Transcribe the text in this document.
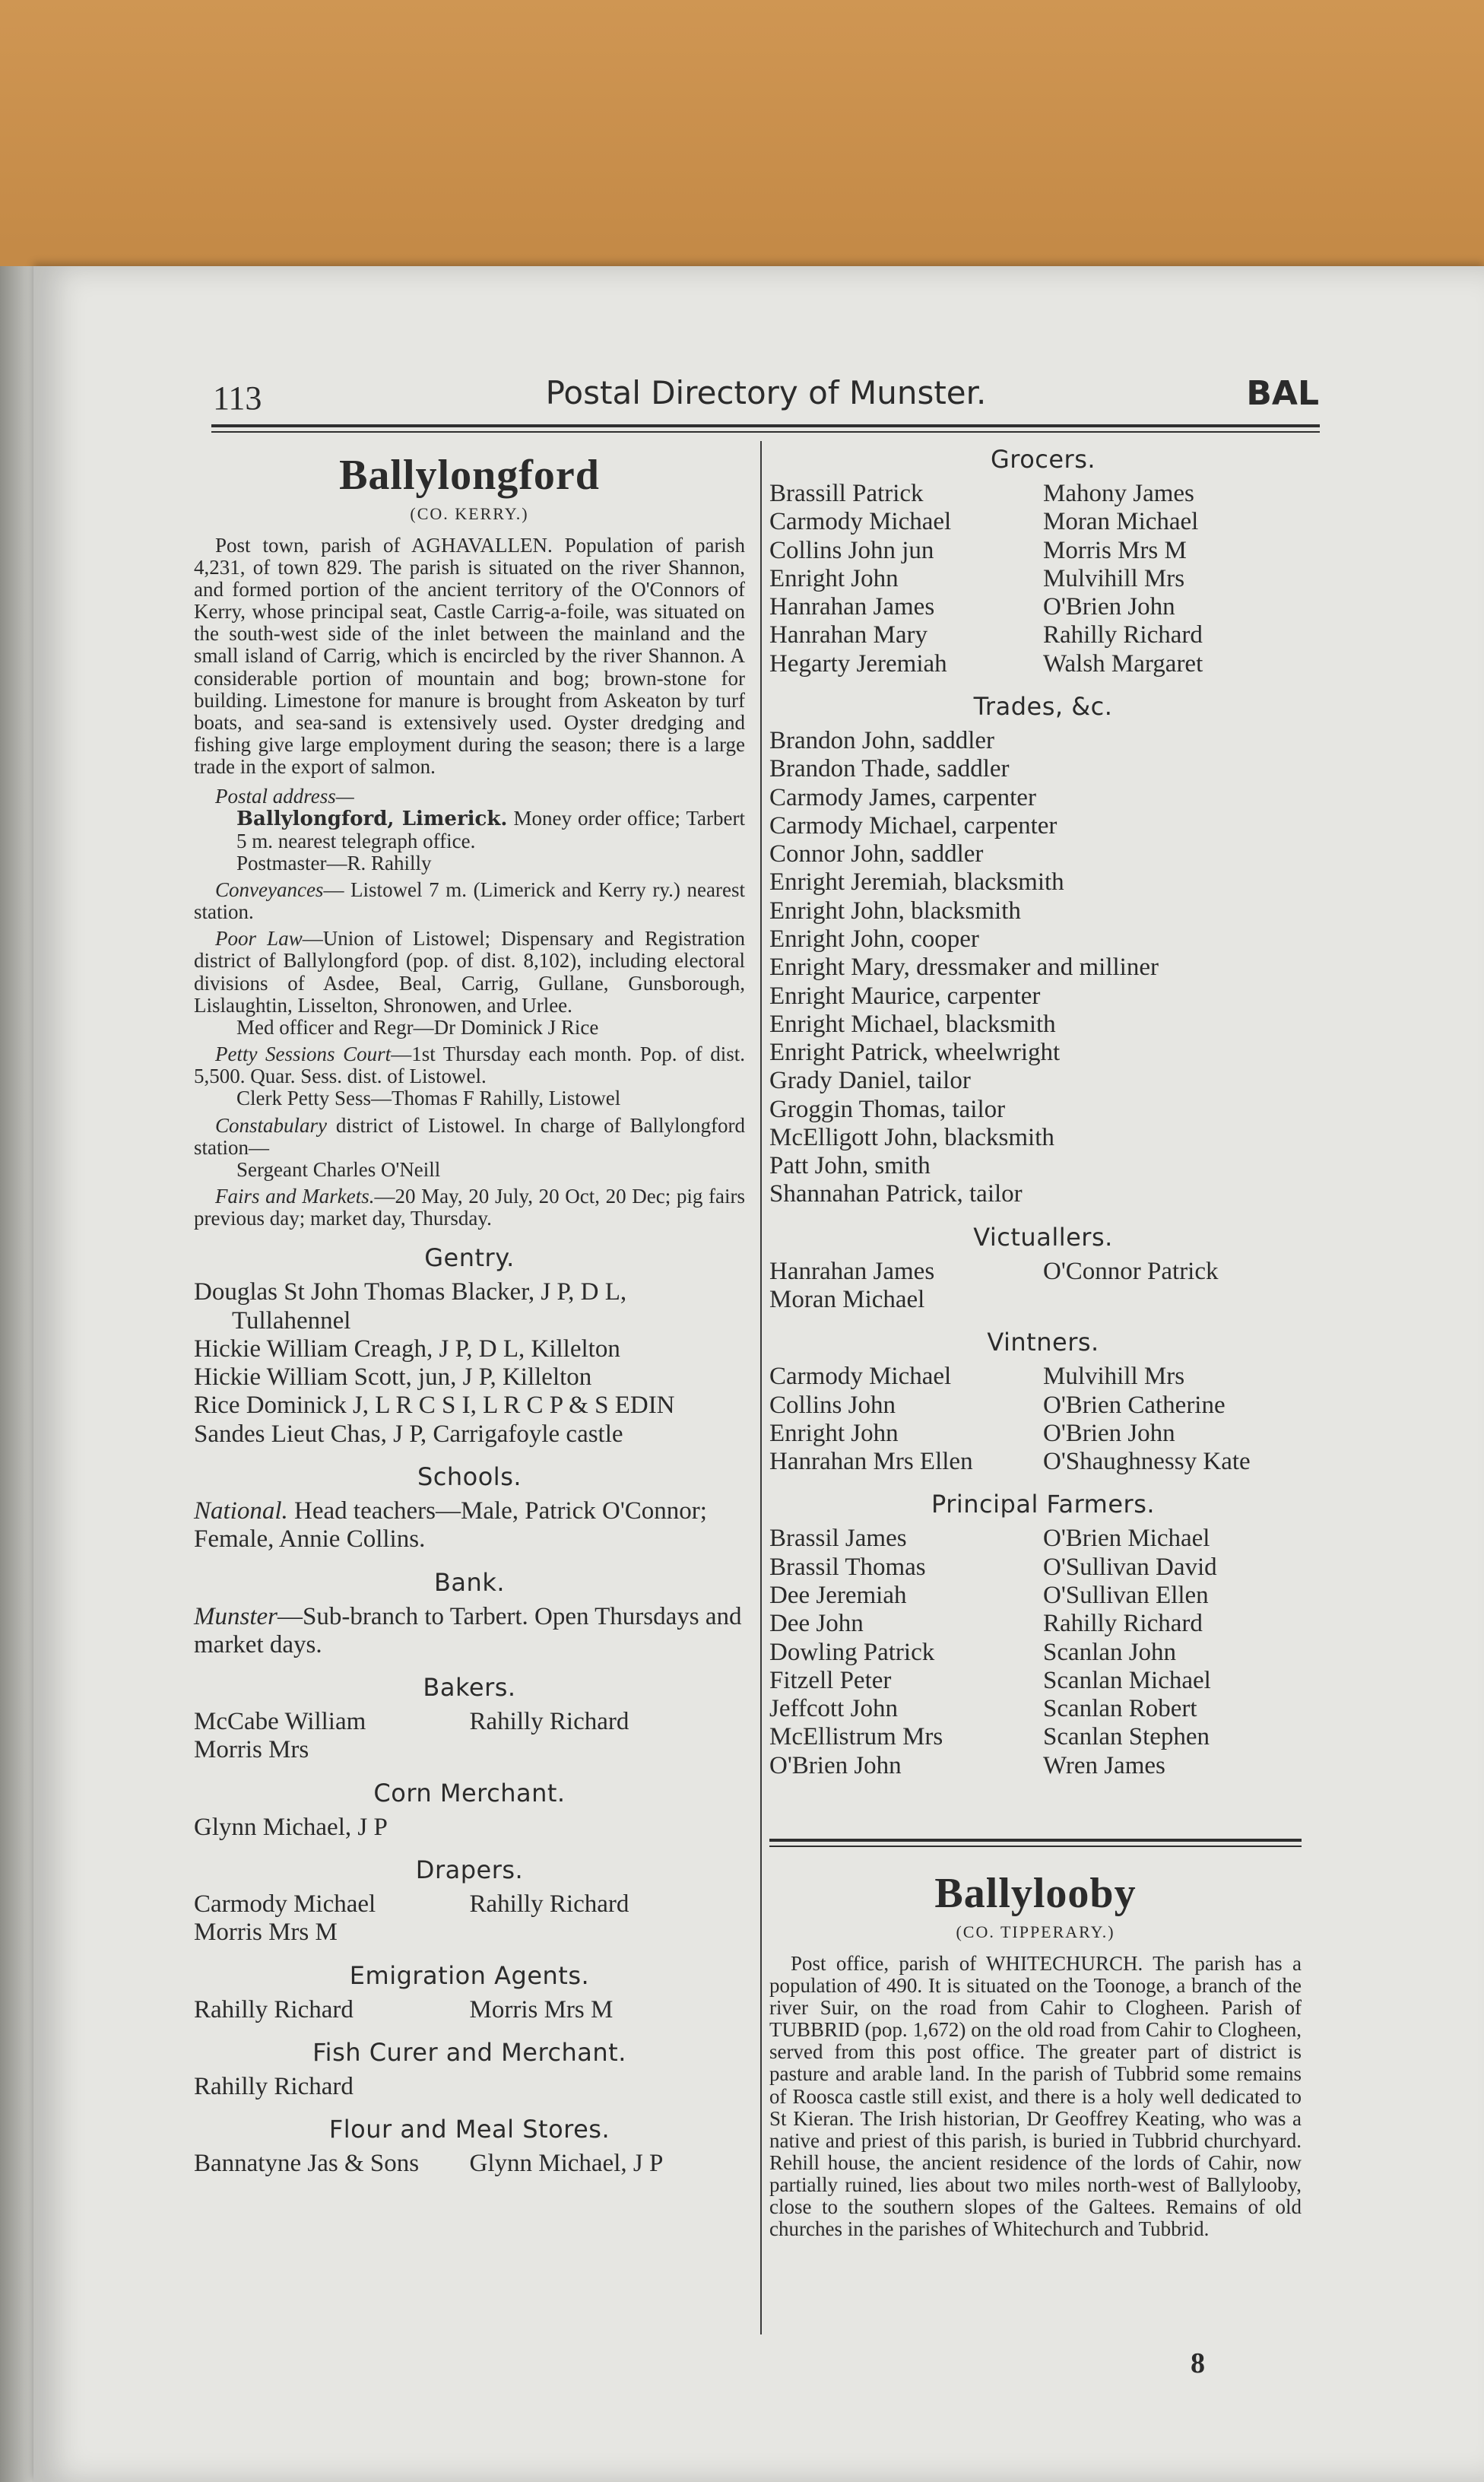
113	Postal Directory of Munster.	BAL
Ballylongford
(CO. KERRY.)

Post town, parish of AGHAVALLEN. Population of parish 4,231, of town 829. The parish is situated on the river Shannon, and formed portion of the ancient territory of the O'Connors of Kerry, whose principal seat, Castle Carrig-a-foile, was situated on the south-west side of the inlet between the mainland and the small island of Carrig, which is encircled by the river Shannon. A considerable portion of mountain and bog; brown-stone for building. Limestone for manure is brought from Askeaton by turf boats, and sea-sand is extensively used. Oyster dredging and fishing give large employment during the season; there is a large trade in the export of salmon.

Postal address—
Ballylongford, Limerick. Money order office; Tarbert 5 m. nearest telegraph office.
Postmaster—R. Rahilly
Conveyances— Listowel 7 m. (Limerick and Kerry ry.) nearest station.
Poor Law—Union of Listowel; Dispensary and Registration district of Ballylongford (pop. of dist. 8,102), including electoral divisions of Asdee, Beal, Carrig, Gullane, Gunsborough, Lislaughtin, Lisselton, Shronowen, and Urlee.
Med officer and Regr—Dr Dominick J Rice
Petty Sessions Court—1st Thursday each month. Pop. of dist. 5,500. Quar. Sess. dist. of Listowel.
Clerk Petty Sess—Thomas F Rahilly, Listowel
Constabulary district of Listowel. In charge of Ballylongford station—
Sergeant Charles O'Neill
Fairs and Markets.—20 May, 20 July, 20 Oct, 20 Dec; pig fairs previous day; market day, Thursday.
Gentry.
Douglas St John Thomas Blacker, J P, D L,
Tullahennel
Hickie William Creagh, J P, D L, Killelton
Hickie William Scott, jun, J P, Killelton
Rice Dominick J, L R C S I, L R C P & S EDIN
Sandes Lieut Chas, J P, Carrigafoyle castle
Schools.
National. Head teachers—Male, Patrick O'Connor; Female, Annie Collins.
Bank.
Munster—Sub-branch to Tarbert. Open Thursdays and market days.
Bakers.
McCabe William	Rahilly Richard
Morris Mrs
Corn Merchant.
Glynn Michael, J P
Drapers.
Carmody Michael	Rahilly Richard
Morris Mrs M
Emigration Agents.
Rahilly Richard	Morris Mrs M
Fish Curer and Merchant.
Rahilly Richard
Flour and Meal Stores.
Bannatyne Jas & Sons	Glynn Michael, J P
Grocers.
Brassill Patrick	Mahony James
Carmody Michael	Moran Michael
Collins John jun	Morris Mrs M
Enright John	Mulvihill Mrs
Hanrahan James	O'Brien John
Hanrahan Mary	Rahilly Richard
Hegarty Jeremiah	Walsh Margaret
Trades, &c.
Brandon John, saddler
Brandon Thade, saddler
Carmody James, carpenter
Carmody Michael, carpenter
Connor John, saddler
Enright Jeremiah, blacksmith
Enright John, blacksmith
Enright John, cooper
Enright Mary, dressmaker and milliner
Enright Maurice, carpenter
Enright Michael, blacksmith
Enright Patrick, wheelwright
Grady Daniel, tailor
Groggin Thomas, tailor
McElligott John, blacksmith
Patt John, smith
Shannahan Patrick, tailor
Victuallers.
Hanrahan James	O'Connor Patrick
Moran Michael
Vintners.
Carmody Michael	Mulvihill Mrs
Collins John	O'Brien Catherine
Enright John	O'Brien John
Hanrahan Mrs Ellen	O'Shaughnessy Kate
Principal Farmers.
Brassil James	O'Brien Michael
Brassil Thomas	O'Sullivan David
Dee Jeremiah	O'Sullivan Ellen
Dee John	Rahilly Richard
Dowling Patrick	Scanlan John
Fitzell Peter	Scanlan Michael
Jeffcott John	Scanlan Robert
McEllistrum Mrs	Scanlan Stephen
O'Brien John	Wren James
Ballylooby
(CO. TIPPERARY.)

Post office, parish of WHITECHURCH. The parish has a population of 490. It is situated on the Toonoge, a branch of the river Suir, on the road from Cahir to Clogheen. Parish of TUBBRID (pop. 1,672) on the old road from Cahir to Clogheen, served from this post office. The greater part of district is pasture and arable land. In the parish of Tubbrid some remains of Roosca castle still exist, and there is a holy well dedicated to St Kieran. The Irish historian, Dr Geoffrey Keating, who was a native and priest of this parish, is buried in Tubbrid churchyard. Rehill house, the ancient residence of the lords of Cahir, now partially ruined, lies about two miles north-west of Ballylooby, close to the southern slopes of the Galtees. Remains of old churches in the parishes of Whitechurch and Tubbrid.

8
